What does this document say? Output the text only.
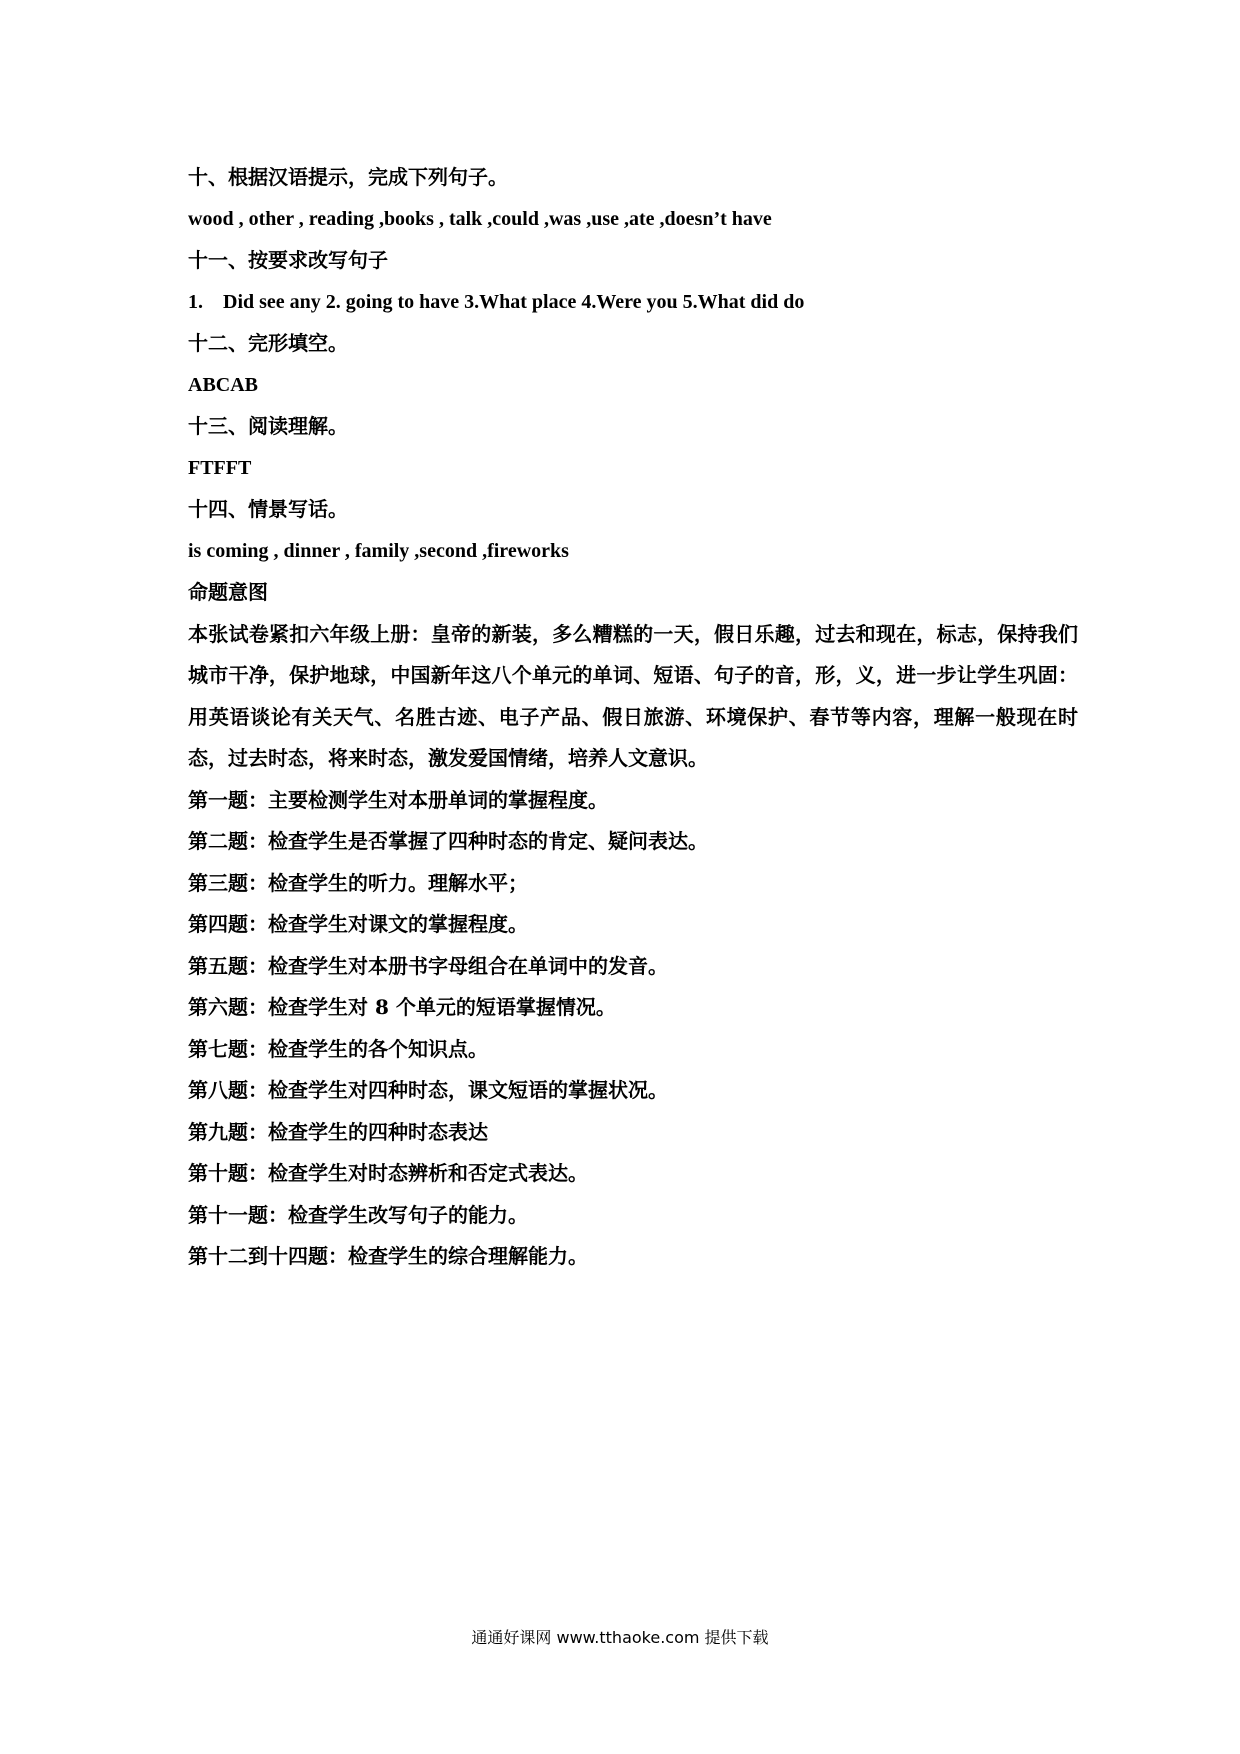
十、根据汉语提示，完成下列句子。
wood , other , reading ,books , talk ,could ,was ,use ,ate ,doesn’t have
十一、按要求改写句子
1.    Did see any 2. going to have 3.What place 4.Were you 5.What did do
十二、完形填空。
ABCAB
十三、阅读理解。
FTFFT
十四、情景写话。
is coming , dinner , family ,second ,fireworks
命题意图

本张试卷紧扣六年级上册：皇帝的新装，多么糟糕的一天，假日乐趣，过去和现在，标志，保持我们城市干净，保护地球，中国新年这八个单元的单词、短语、句子的音，形，义，进一步让学生巩固：用英语谈论有关天气、名胜古迹、电子产品、假日旅游、环境保护、春节等内容，理解一般现在时态，过去时态，将来时态，激发爱国情绪，培养人文意识。

第一题：主要检测学生对本册单词的掌握程度。
第二题：检查学生是否掌握了四种时态的肯定、疑问表达。
第三题：检查学生的听力。理解水平；
第四题：检查学生对课文的掌握程度。
第五题：检查学生对本册书字母组合在单词中的发音。
第六题：检查学生对 8 个单元的短语掌握情况。
第七题：检查学生的各个知识点。
第八题：检查学生对四种时态，课文短语的掌握状况。
第九题：检查学生的四种时态表达
第十题：检查学生对时态辨析和否定式表达。
第十一题：检查学生改写句子的能力。
第十二到十四题：检查学生的综合理解能力。
通通好课网 www.tthaoke.com 提供下载
